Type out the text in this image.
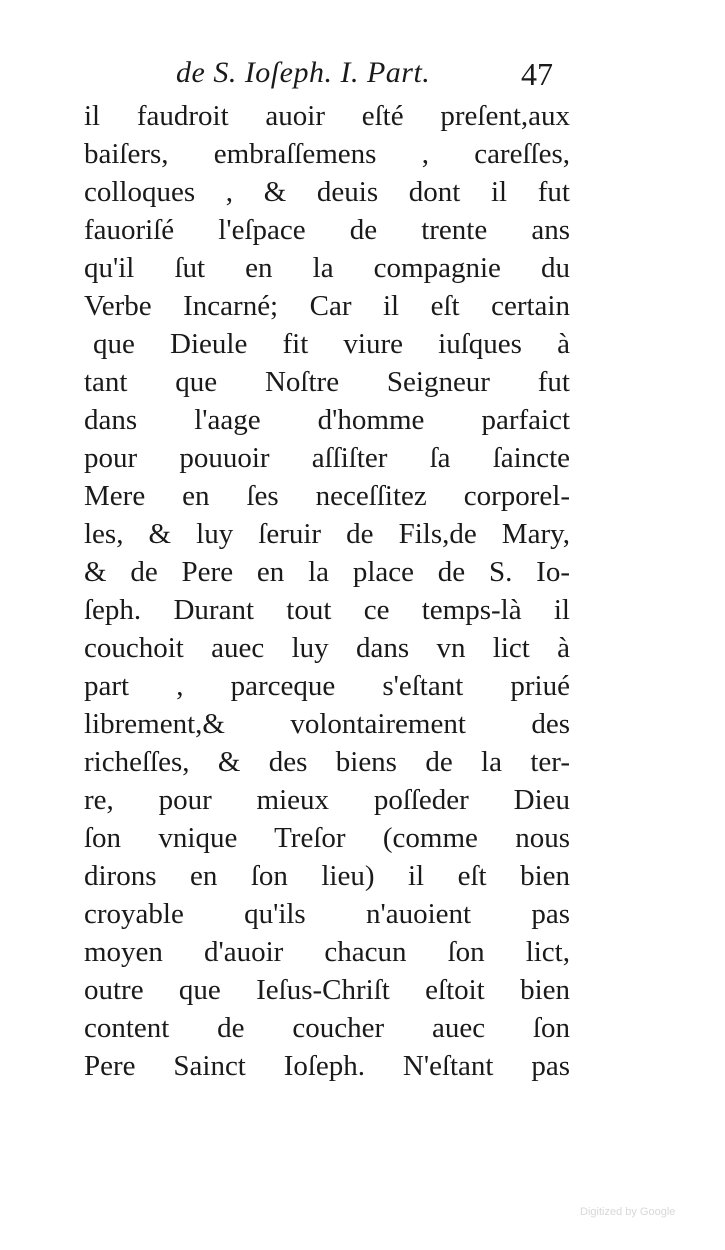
de S. Ioſeph. I. Part.	47
il faudroit auoir eſté preſent,aux
baiſers, embraſſemens , careſſes,
colloques , & deuis dont il fut
fauoriſé l'eſpace de trente ans
qu'il ſut en la compagnie du
Verbe Incarné; Car il eſt certain
que Dieule fit viure iuſques à
tant que Noſtre Seigneur fut
dans l'aage d'homme parfaict
pour pouuoir aſſiſter ſa ſaincte
Mere en ſes neceſſitez corporel-
les, & luy ſeruir de Fils,de Mary,
& de Pere en la place de S. Io-
ſeph. Durant tout ce temps-là il
couchoit auec luy dans vn lict à
part , parceque s'eſtant priué
librement,& volontairement des
richeſſes, & des biens de la ter-
re, pour mieux poſſeder Dieu
ſon vnique Treſor (comme nous
dirons en ſon lieu) il eſt bien
croyable qu'ils n'auoient pas
moyen d'auoir chacun ſon lict,
outre que Ieſus-Chriſt eſtoit bien
content de coucher auec ſon
Pere Sainct Ioſeph. N'eſtant pas
Digitized by Google
